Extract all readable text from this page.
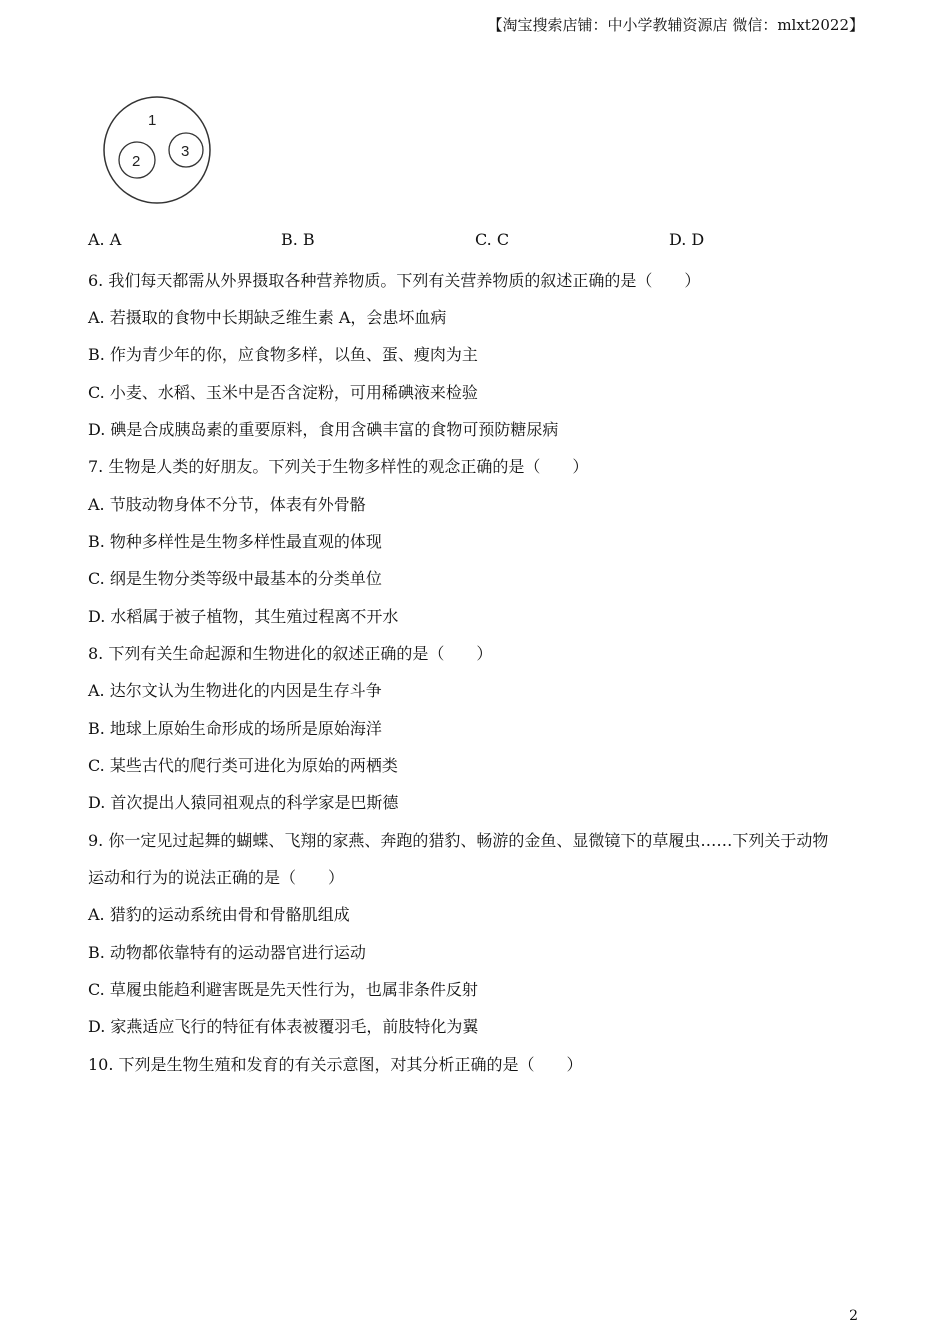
【淘宝搜索店铺：中小学教辅资源店 微信：mlxt2022】
1
2
3
A. A	B. B	C. C	D. D
6. 我们每天都需从外界摄取各种营养物质。下列有关营养物质的叙述正确的是（　　）
A. 若摄取的食物中长期缺乏维生素 A，会患坏血病
B. 作为青少年的你，应食物多样，以鱼、蛋、瘦肉为主
C. 小麦、水稻、玉米中是否含淀粉，可用稀碘液来检验
D. 碘是合成胰岛素的重要原料，食用含碘丰富的食物可预防糖尿病
7. 生物是人类的好朋友。下列关于生物多样性的观念正确的是（　　）
A. 节肢动物身体不分节，体表有外骨骼
B. 物种多样性是生物多样性最直观的体现
C. 纲是生物分类等级中最基本的分类单位
D. 水稻属于被子植物，其生殖过程离不开水
8. 下列有关生命起源和生物进化的叙述正确的是（　　）
A. 达尔文认为生物进化的内因是生存斗争
B. 地球上原始生命形成的场所是原始海洋
C. 某些古代的爬行类可进化为原始的两栖类
D. 首次提出人猿同祖观点的科学家是巴斯德
9. 你一定见过起舞的蝴蝶、飞翔的家燕、奔跑的猎豹、畅游的金鱼、显微镜下的草履虫……下列关于动物
运动和行为的说法正确的是（　　）
A. 猎豹的运动系统由骨和骨骼肌组成
B. 动物都依靠特有的运动器官进行运动
C. 草履虫能趋利避害既是先天性行为，也属非条件反射
D. 家燕适应飞行的特征有体表被覆羽毛，前肢特化为翼
10. 下列是生物生殖和发育的有关示意图，对其分析正确的是（　　）
2
